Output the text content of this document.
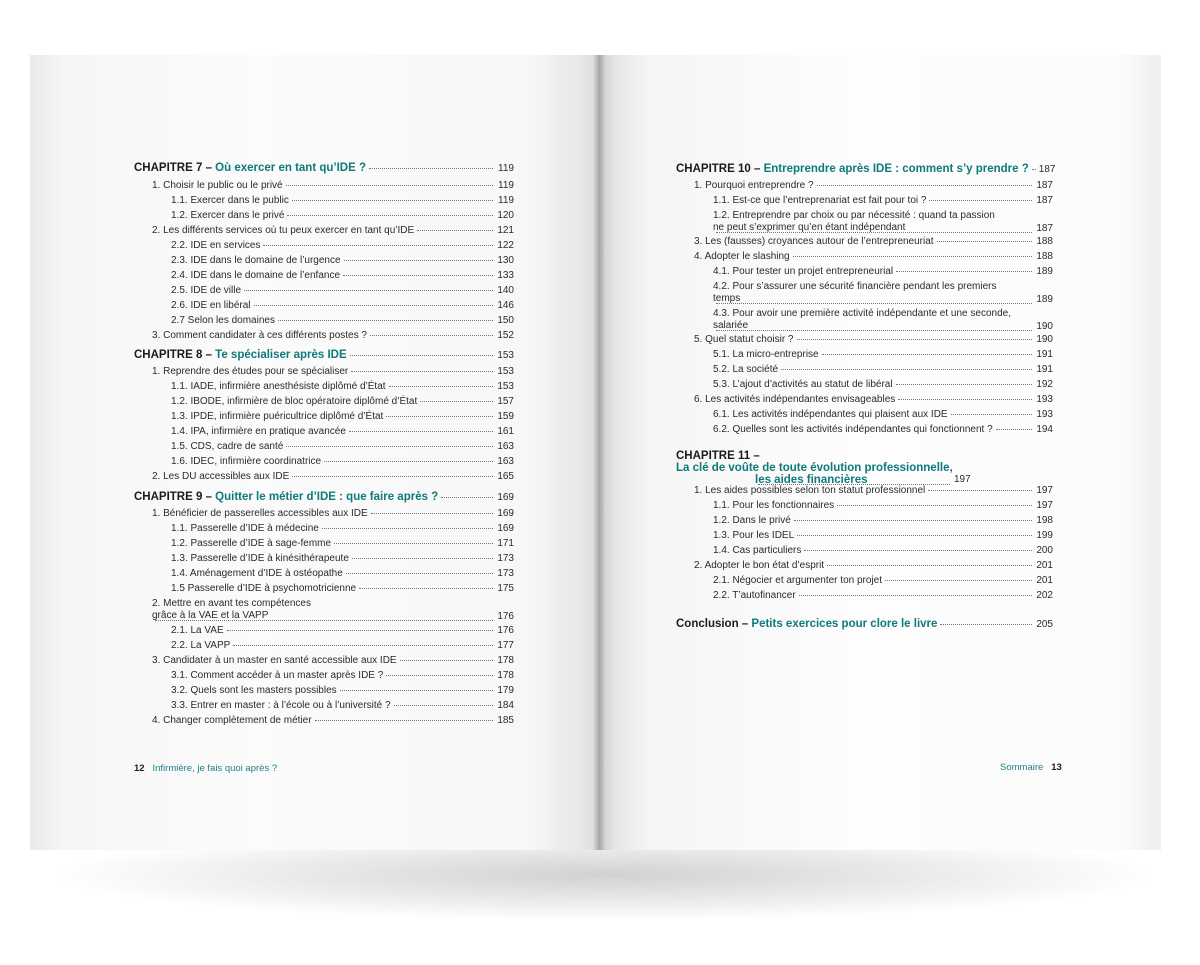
CHAPITRE 7 – Où exercer en tant qu’IDE ?	119
1. Choisir le public ou le privé	119
1.1. Exercer dans le public	119
1.2. Exercer dans le privé	120
2. Les différents services où tu peux exercer en tant qu’IDE	121
2.2. IDE en services	122
2.3. IDE dans le domaine de l’urgence	130
2.4. IDE dans le domaine de l’enfance	133
2.5. IDE de ville	140
2.6. IDE en libéral	146
2.7 Selon les domaines	150
3. Comment candidater à ces différents postes ?	152
CHAPITRE 8 – Te spécialiser après IDE	153
1. Reprendre des études pour se spécialiser	153
1.1. IADE, infirmière anesthésiste diplômé d’État	153
1.2. IBODE, infirmière de bloc opératoire diplômé d’État	157
1.3. IPDE, infirmière puéricultrice diplômé d’État	159
1.4. IPA, infirmière en pratique avancée	161
1.5. CDS, cadre de santé	163
1.6. IDEC, infirmière coordinatrice	163
2. Les DU accessibles aux IDE	165
CHAPITRE 9 – Quitter le métier d’IDE : que faire après ?	169
1. Bénéficier de passerelles accessibles aux IDE	169
1.1. Passerelle d’IDE à médecine	169
1.2. Passerelle d’IDE à sage-femme	171
1.3. Passerelle d’IDE à kinésithérapeute	173
1.4. Aménagement d’IDE à ostéopathe	173
1.5 Passerelle d’IDE à psychomotricienne	175
2. Mettre en avant tes compétences
grâce à la VAE et la VAPP	176
2.1. La VAE	176
2.2. La VAPP	177
3. Candidater à un master en santé accessible aux IDE	178
3.1. Comment accéder à un master après IDE ?	178
3.2. Quels sont les masters possibles	179
3.3. Entrer en master : à l’école ou à l’université ?	184
4. Changer complètement de métier	185
CHAPITRE 10 – Entreprendre après IDE : comment s’y prendre ? 187
1. Pourquoi entreprendre ?	187
1.1. Est-ce que l’entreprenariat est fait pour toi ?	187
1.2. Entreprendre par choix ou par nécessité : quand ta passion
ne peut s’exprimer qu’en étant indépendant	187
3. Les (fausses) croyances autour de l’entrepreneuriat	188
4. Adopter le slashing	188
4.1. Pour tester un projet entrepreneurial	189
4.2. Pour s’assurer une sécurité financière pendant les premiers
temps	189
4.3. Pour avoir une première activité indépendante et une seconde,
salariée	190
5. Quel statut choisir ?	190
5.1. La micro-entreprise	191
5.2. La société	191
5.3. L’ajout d’activités au statut de libéral	192
6. Les activités indépendantes envisageables	193
6.1. Les activités indépendantes qui plaisent aux IDE	193
6.2. Quelles sont les activités indépendantes qui fonctionnent ?	194
CHAPITRE 11 –
La clé de voûte de toute évolution professionnelle,
les aides financières	197
1. Les aides possibles selon ton statut professionnel	197
1.1. Pour les fonctionnaires	197
1.2. Dans le privé	198
1.3. Pour les IDEL	199
1.4. Cas particuliers	200
2. Adopter le bon état d’esprit	201
2.1. Négocier et argumenter ton projet	201
2.2. T’autofinancer	202
Conclusion – Petits exercices pour clore le livre	205
12 Infirmière, je fais quoi après ?	Sommaire 13
